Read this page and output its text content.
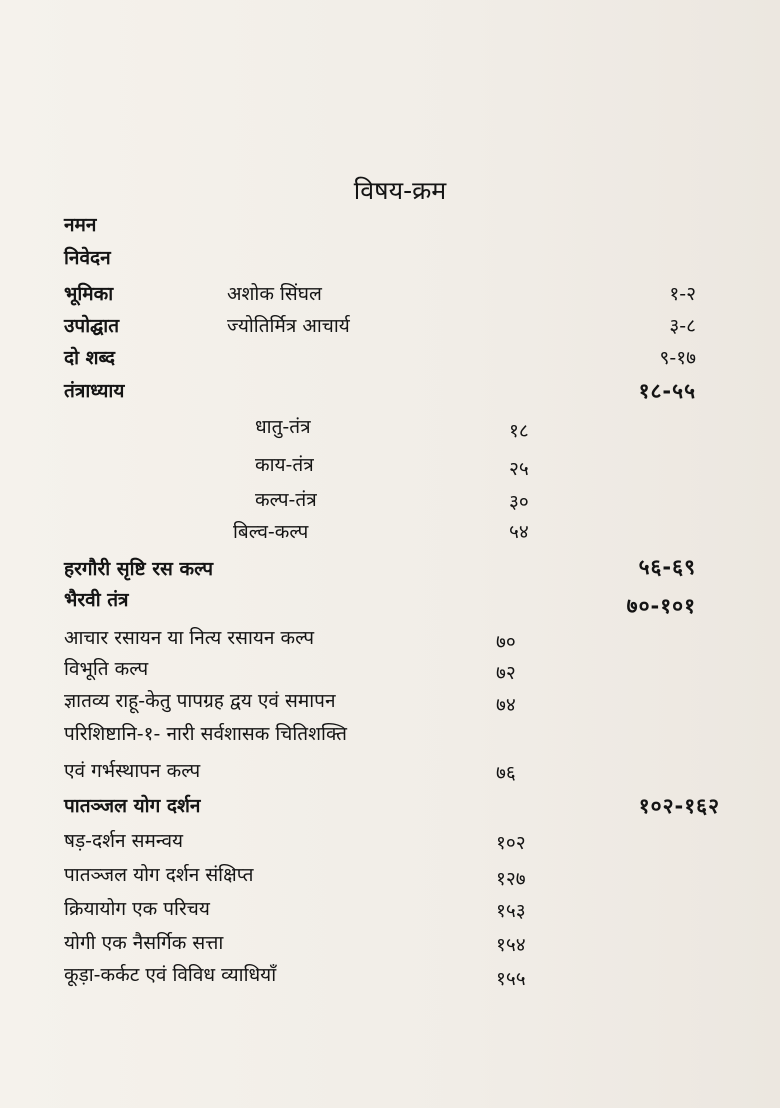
विषय-क्रम
नमन
निवेदन
भूमिका	अशोक सिंघल	१-२
उपोद्घात	ज्योतिर्मित्र आचार्य	३-८
दो शब्द	९-१७
तंत्राध्याय	१८-५५
धातु-तंत्र	१८
काय-तंत्र	२५
कल्प-तंत्र	३०
बिल्व-कल्प	५४
हरगौरी सृष्टि रस कल्प	५६-६९
भैरवी तंत्र	७०-१०१
आचार रसायन या नित्य रसायन कल्प	७०
विभूति कल्प	७२
ज्ञातव्य राहू-केतु पापग्रह द्वय एवं समापन	७४
परिशिष्टानि-१- नारी सर्वशासक चितिशक्ति
एवं गर्भस्थापन कल्प	७६
पातञ्जल योग दर्शन	१०२-१६२
षड़-दर्शन समन्वय	१०२
पातञ्जल योग दर्शन संक्षिप्त	१२७
क्रियायोग एक परिचय	१५३
योगी एक नैसर्गिक सत्ता	१५४
कूड़ा-कर्कट एवं विविध व्याधियाँ	१५५
